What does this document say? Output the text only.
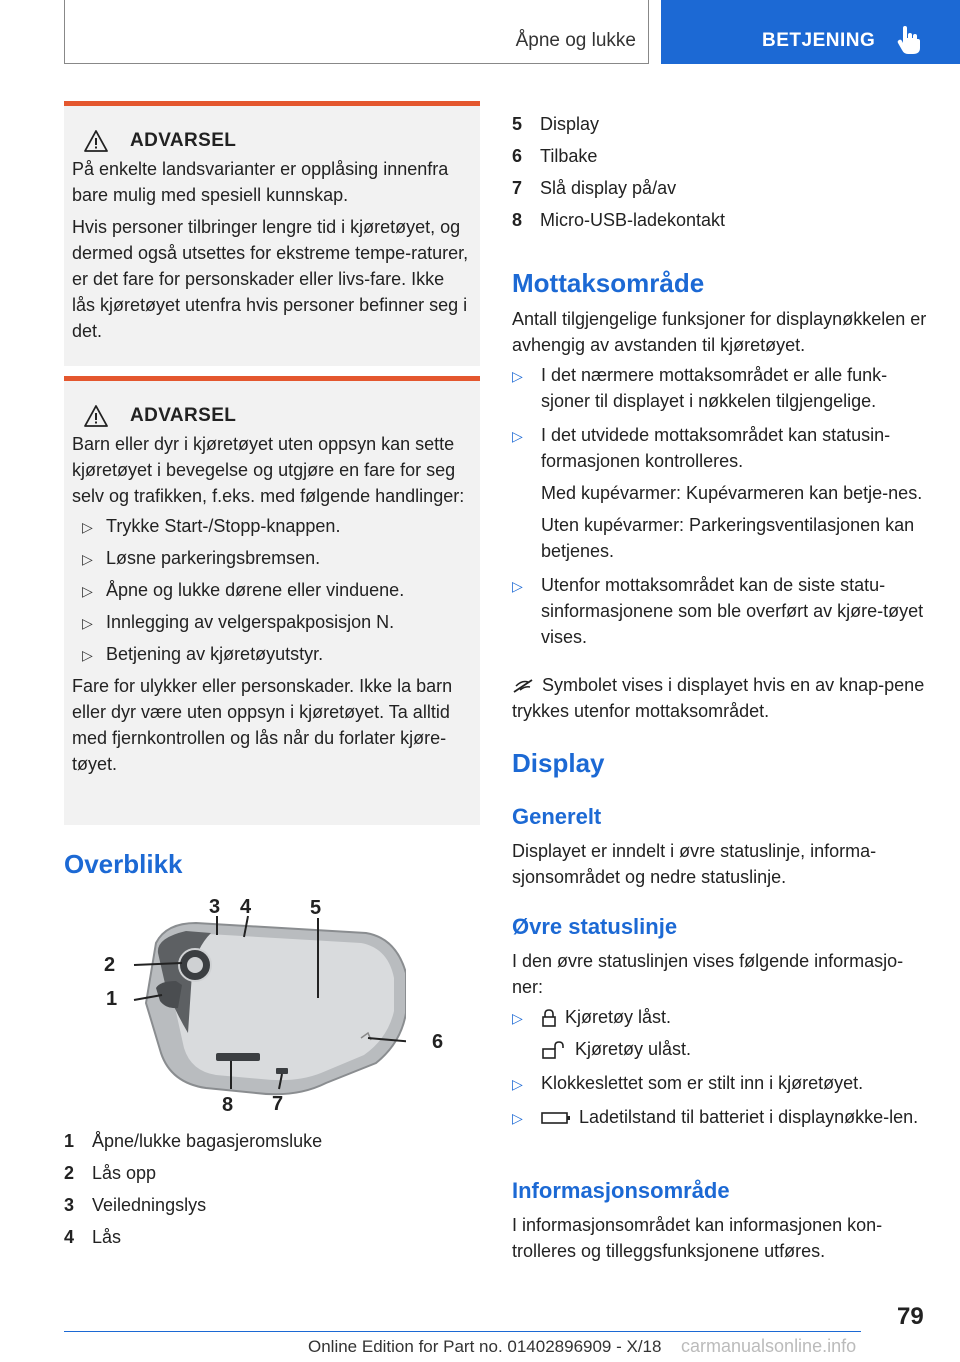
Åpne og lukke	BETJENING
ADVARSEL

På enkelte landsvarianter er opplåsing innenfra bare mulig med spesiell kunnskap.

Hvis personer tilbringer lengre tid i kjøretøyet, og dermed også utsettes for ekstreme tempe-raturer, er det fare for personskader eller livs-fare. Ikke lås kjøretøyet utenfra hvis personer befinner seg i det.

ADVARSEL

Barn eller dyr i kjøretøyet uten oppsyn kan sette kjøretøyet i bevegelse og utgjøre en fare for seg selv og trafikken, f.eks. med følgende handlinger:

▷ Trykke Start-/Stopp-knappen.
▷ Løsne parkeringsbremsen.
▷ Åpne og lukke dørene eller vinduene.
▷ Innlegging av velgerspakposisjon N.
▷ Betjening av kjøretøyutstyr.

Fare for ulykker eller personskader. Ikke la barn eller dyr være uten oppsyn i kjøretøyet. Ta alltid med fjernkontrollen og lås når du forlater kjøre-tøyet.

Overblikk
1
2
3 4	5
8 7
6
1 Åpne/lukke bagasjeromsluke
2 Lås opp
3 Veiledningslys
4 Lås
5 Display
6 Tilbake
7 Slå display på/av
8 Micro-USB-ladekontakt
Mottaksområde
Antall tilgjengelige funksjoner for displaynøkkelen er avhengig av avstanden til kjøretøyet.
▷ I det nærmere mottaksområdet er alle funk-sjoner til displayet i nøkkelen tilgjengelige.
▷ I det utvidede mottaksområdet kan statusin-formasjonen kontrolleres.
Med kupévarmer: Kupévarmeren kan betje-nes.
Uten kupévarmer: Parkeringsventilasjonen kan betjenes.
▷ Utenfor mottaksområdet kan de siste statu-sinformasjonene som ble overført av kjøre-tøyet vises.
Symbolet vises i displayet hvis en av knap-pene trykkes utenfor mottaksområdet.
Display
Generelt
Displayet er inndelt i øvre statuslinje, informa-sjonsområdet og nedre statuslinje.
Øvre statuslinje
I den øvre statuslinjen vises følgende informasjo-ner:
▷ Kjøretøy låst.
Kjøretøy ulåst.
▷ Klokkeslettet som er stilt inn i kjøretøyet.
▷	Ladetilstand til batteriet i displaynøkke-len.
Informasjonsområde
I informasjonsområdet kan informasjonen kon-trolleres og tilleggsfunksjonene utføres.
79
Online Edition for Part no. 01402896909 - X/18 carmanualsonline.info
